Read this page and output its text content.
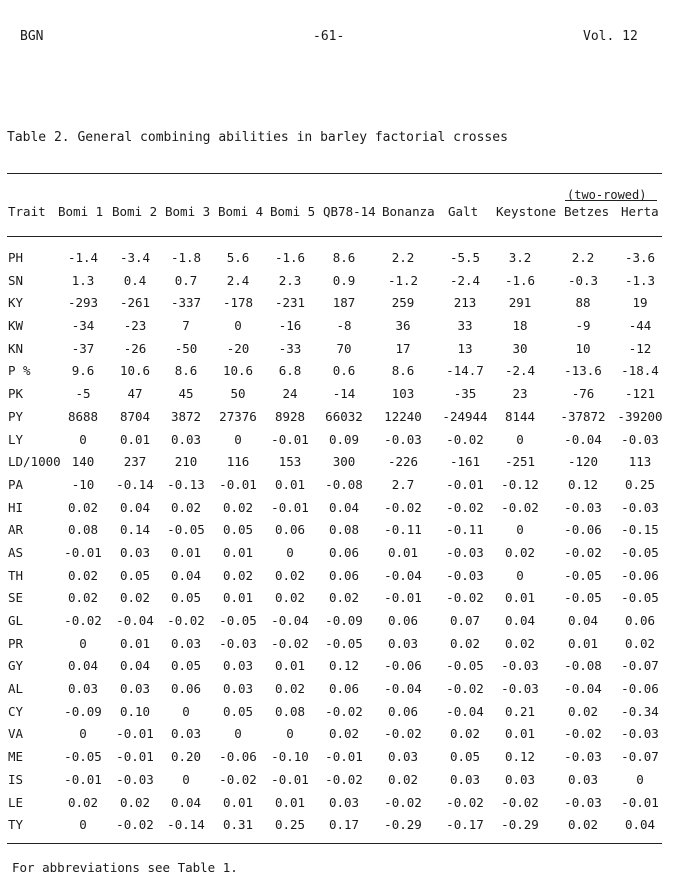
BGN	-61-	Vol. 12
Table 2. General combining abilities in barley factorial crosses
(two-rowed)
Trait Bomi 1 Bomi 2 Bomi 3 Bomi 4 Bomi 5 QB78-14 Bonanza Galt Keystone Betzes Herta
PH	-1.4	-3.4	-1.8	5.6	-1.6	8.6	2.2	-5.5	3.2	2.2	-3.6
SN	1.3	0.4	0.7	2.4	2.3	0.9	-1.2	-2.4	-1.6	-0.3	-1.3
KY	-293	-261	-337	-178	-231	187	259	213	291	88	19
KW	-34	-23	7	0	-16	-8	36	33	18	-9	-44
KN	-37	-26	-50	-20	-33	70	17	13	30	10	-12
P %	9.6	10.6	8.6	10.6	6.8	0.6	8.6	-14.7	-2.4	-13.6	-18.4
PK	-5	47	45	50	24	-14	103	-35	23	-76	-121
PY	8688	8704	3872	27376	8928	66032	12240	-24944	8144	-37872 -39200
LY	0	0.01	0.03	0	-0.01	0.09	-0.03	-0.02	0	-0.04	-0.03
LD/1000 140	237	210	116	153	300	-226	-161	-251	-120	113
PA	-10	-0.14	-0.13	-0.01	0.01	-0.08	2.7	-0.01	-0.12	0.12	0.25
HI	0.02	0.04	0.02	0.02	-0.01	0.04	-0.02	-0.02	-0.02	-0.03	-0.03
AR	0.08	0.14	-0.05	0.05	0.06	0.08	-0.11	-0.11	0	-0.06	-0.15
AS	-0.01	0.03	0.01	0.01	0	0.06	0.01	-0.03	0.02	-0.02	-0.05
TH	0.02	0.05	0.04	0.02	0.02	0.06	-0.04	-0.03	0	-0.05	-0.06
SE	0.02	0.02	0.05	0.01	0.02	0.02	-0.01	-0.02	0.01	-0.05	-0.05
GL	-0.02	-0.04	-0.02	-0.05	-0.04	-0.09	0.06	0.07	0.04	0.04	0.06
PR	0	0.01	0.03	-0.03	-0.02	-0.05	0.03	0.02	0.02	0.01	0.02
GY	0.04	0.04	0.05	0.03	0.01	0.12	-0.06	-0.05	-0.03	-0.08	-0.07
AL	0.03	0.03	0.06	0.03	0.02	0.06	-0.04	-0.02	-0.03	-0.04	-0.06
CY	-0.09	0.10	0	0.05	0.08	-0.02	0.06	-0.04	0.21	0.02	-0.34
VA	0	-0.01	0.03	0	0	0.02	-0.02	0.02	0.01	-0.02	-0.03
ME	-0.05	-0.01	0.20	-0.06	-0.10	-0.01	0.03	0.05	0.12	-0.03	-0.07
IS	-0.01	-0.03	0	-0.02	-0.01	-0.02	0.02	0.03	0.03	0.03	0
LE	0.02	0.02	0.04	0.01	0.01	0.03	-0.02	-0.02	-0.02	-0.03	-0.01
TY	0	-0.02	-0.14	0.31	0.25	0.17	-0.29	-0.17	-0.29	0.02	0.04
For abbreviations see Table 1.
